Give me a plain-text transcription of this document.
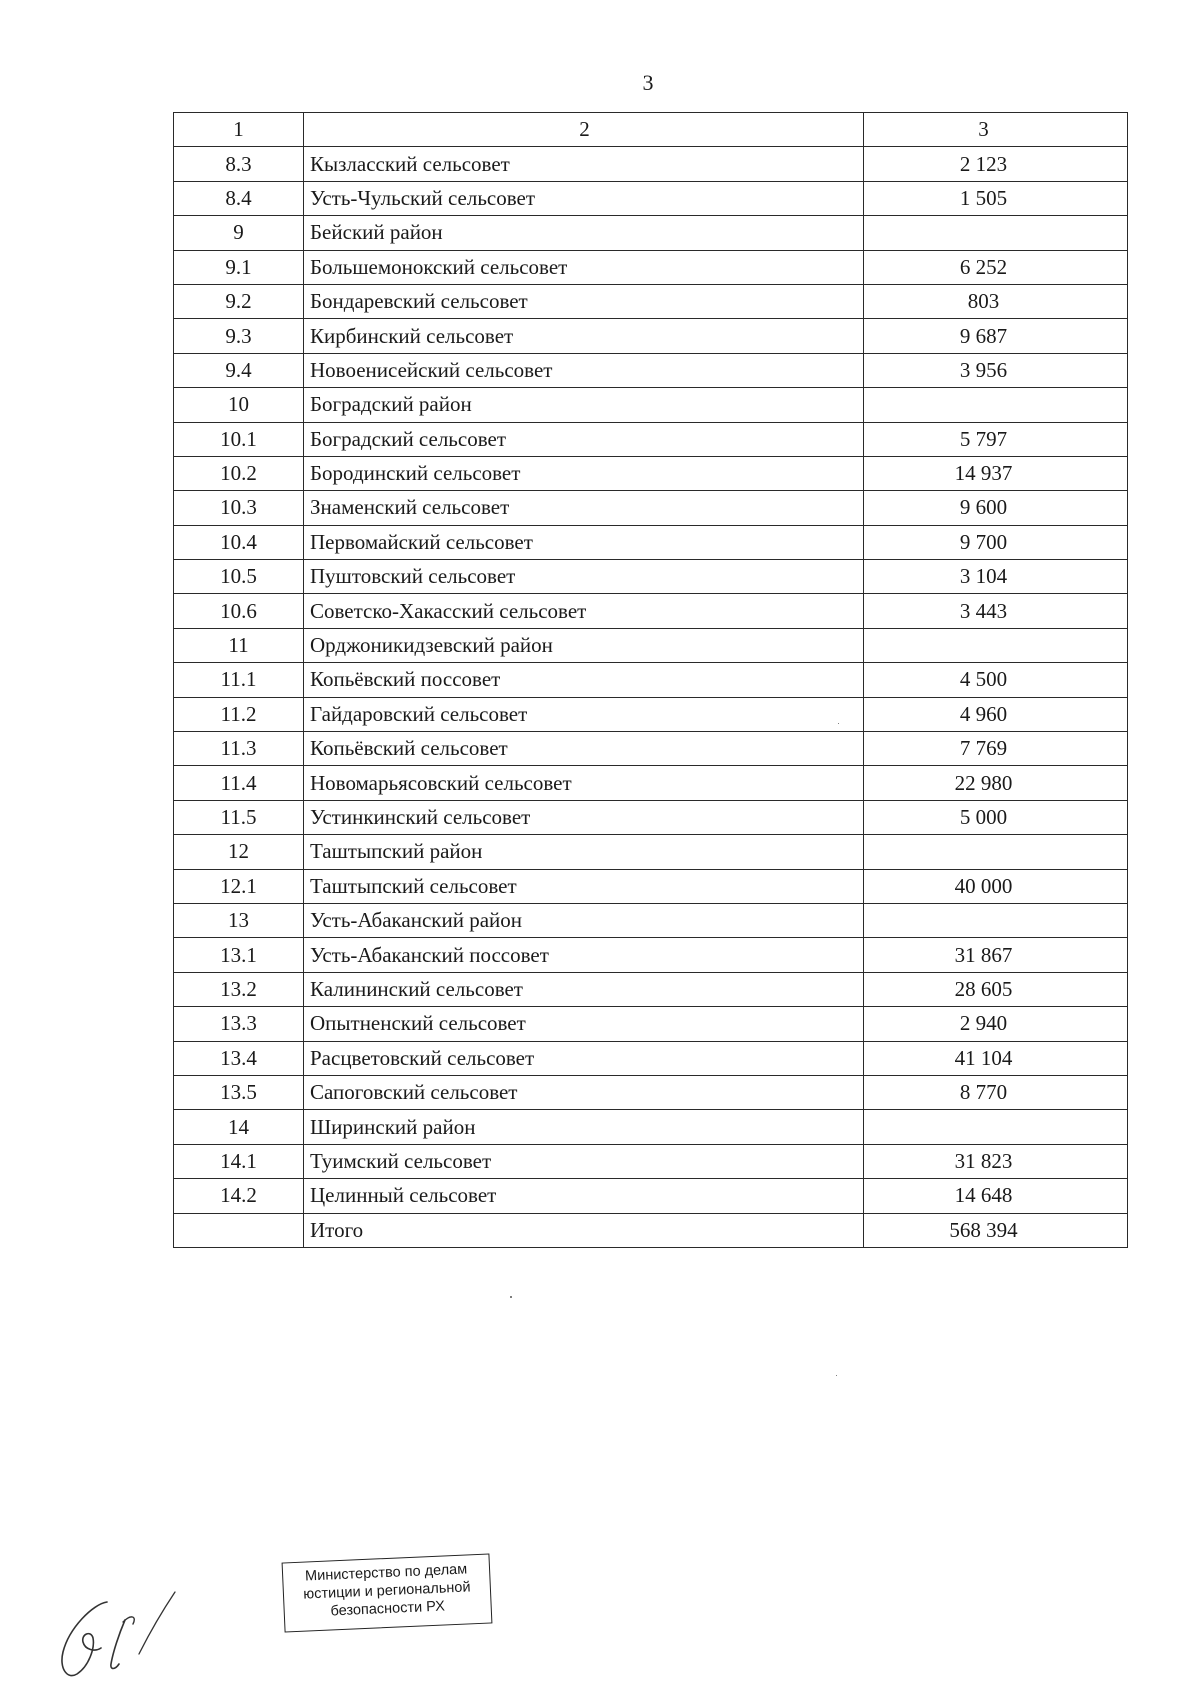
3
1	2	3
8.3	Кызласский сельсовет	2 123
8.4	Усть-Чульский сельсовет	1 505
9	Бейский район	
9.1	Большемонокский сельсовет	6 252
9.2	Бондаревский сельсовет	803
9.3	Кирбинский сельсовет	9 687
9.4	Новоенисейский сельсовет	3 956
10	Боградский район	
10.1	Боградский сельсовет	5 797
10.2	Бородинский сельсовет	14 937
10.3	Знаменский сельсовет	9 600
10.4	Первомайский сельсовет	9 700
10.5	Пуштовский сельсовет	3 104
10.6	Советско-Хакасский сельсовет	3 443
11	Орджоникидзевский район	
11.1	Копьёвский поссовет	4 500
11.2	Гайдаровский сельсовет	4 960
11.3	Копьёвский сельсовет	7 769
11.4	Новомарьясовский сельсовет	22 980
11.5	Устинкинский сельсовет	5 000
12	Таштыпский район	
12.1	Таштыпский сельсовет	40 000
13	Усть-Абаканский район	
13.1	Усть-Абаканский поссовет	31 867
13.2	Калининский сельсовет	28 605
13.3	Опытненский сельсовет	2 940
13.4	Расцветовский сельсовет	41 104
13.5	Сапоговский сельсовет	8 770
14	Ширинский район	
14.1	Туимский сельсовет	31 823
14.2	Целинный сельсовет	14 648
	Итого	568 394
Министерство по делам
юстиции и региональной
безопасности РХ
